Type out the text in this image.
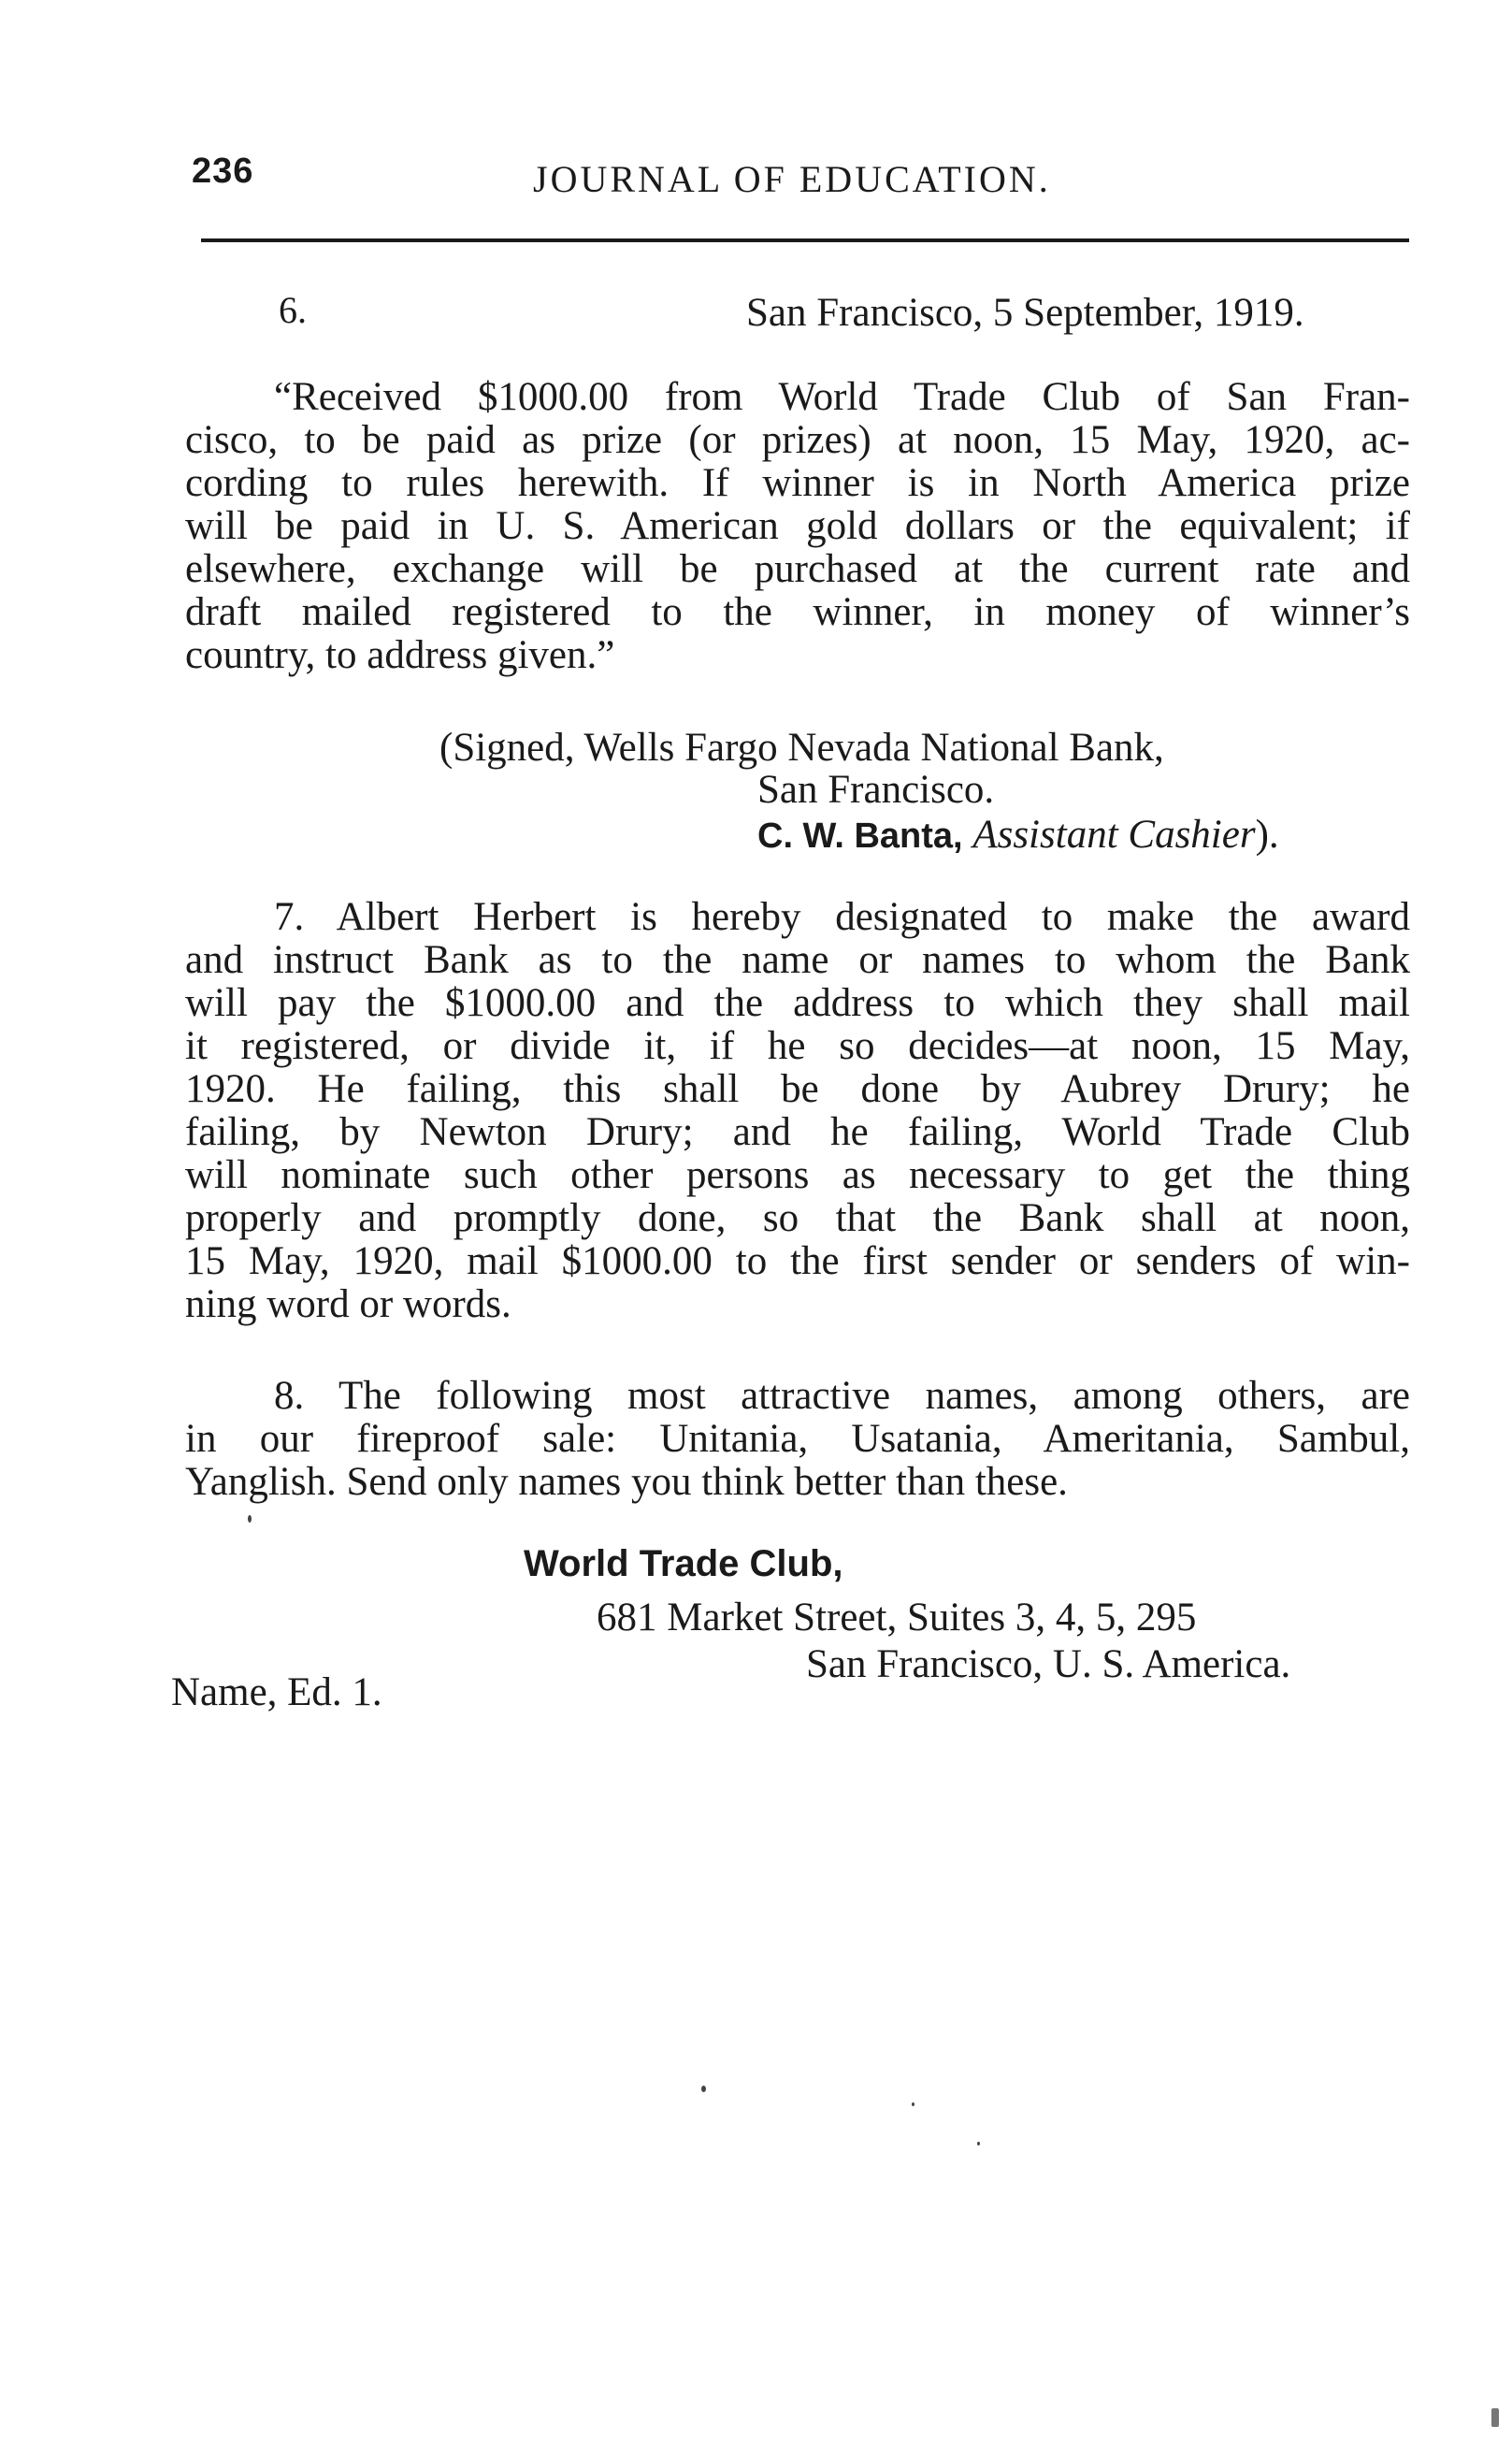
236	JOURNAL OF EDUCATION.
6.	San Francisco, 5 September, 1919.
“Received $1000.00 from World Trade Club of San Fran-
cisco, to be paid as prize (or prizes) at noon, 15 May, 1920, ac-
cording to rules herewith. If winner is in North America prize
will be paid in U. S. American gold dollars or the equivalent; if
elsewhere, exchange will be purchased at the current rate and
draft mailed registered to the winner, in money of winner’s
country, to address given.”
(Signed, Wells Fargo Nevada National Bank,
San Francisco.
C. W. Banta, Assistant Cashier).
7. Albert Herbert is hereby designated to make the award
and instruct Bank as to the name or names to whom the Bank
will pay the $1000.00 and the address to which they shall mail
it registered, or divide it, if he so decides—at noon, 15 May,
1920. He failing, this shall be done by Aubrey Drury; he
failing, by Newton Drury; and he failing, World Trade Club
will nominate such other persons as necessary to get the thing
properly and promptly done, so that the Bank shall at noon,
15 May, 1920, mail $1000.00 to the first sender or senders of win-
ning word or words.
8. The following most attractive names, among others, are
in our fireproof sale: Unitania, Usatania, Ameritania, Sambul,
Yanglish. Send only names you think better than these.
World Trade Club,
681 Market Street, Suites 3, 4, 5, 295
San Francisco, U. S. America.
Name, Ed. 1.
